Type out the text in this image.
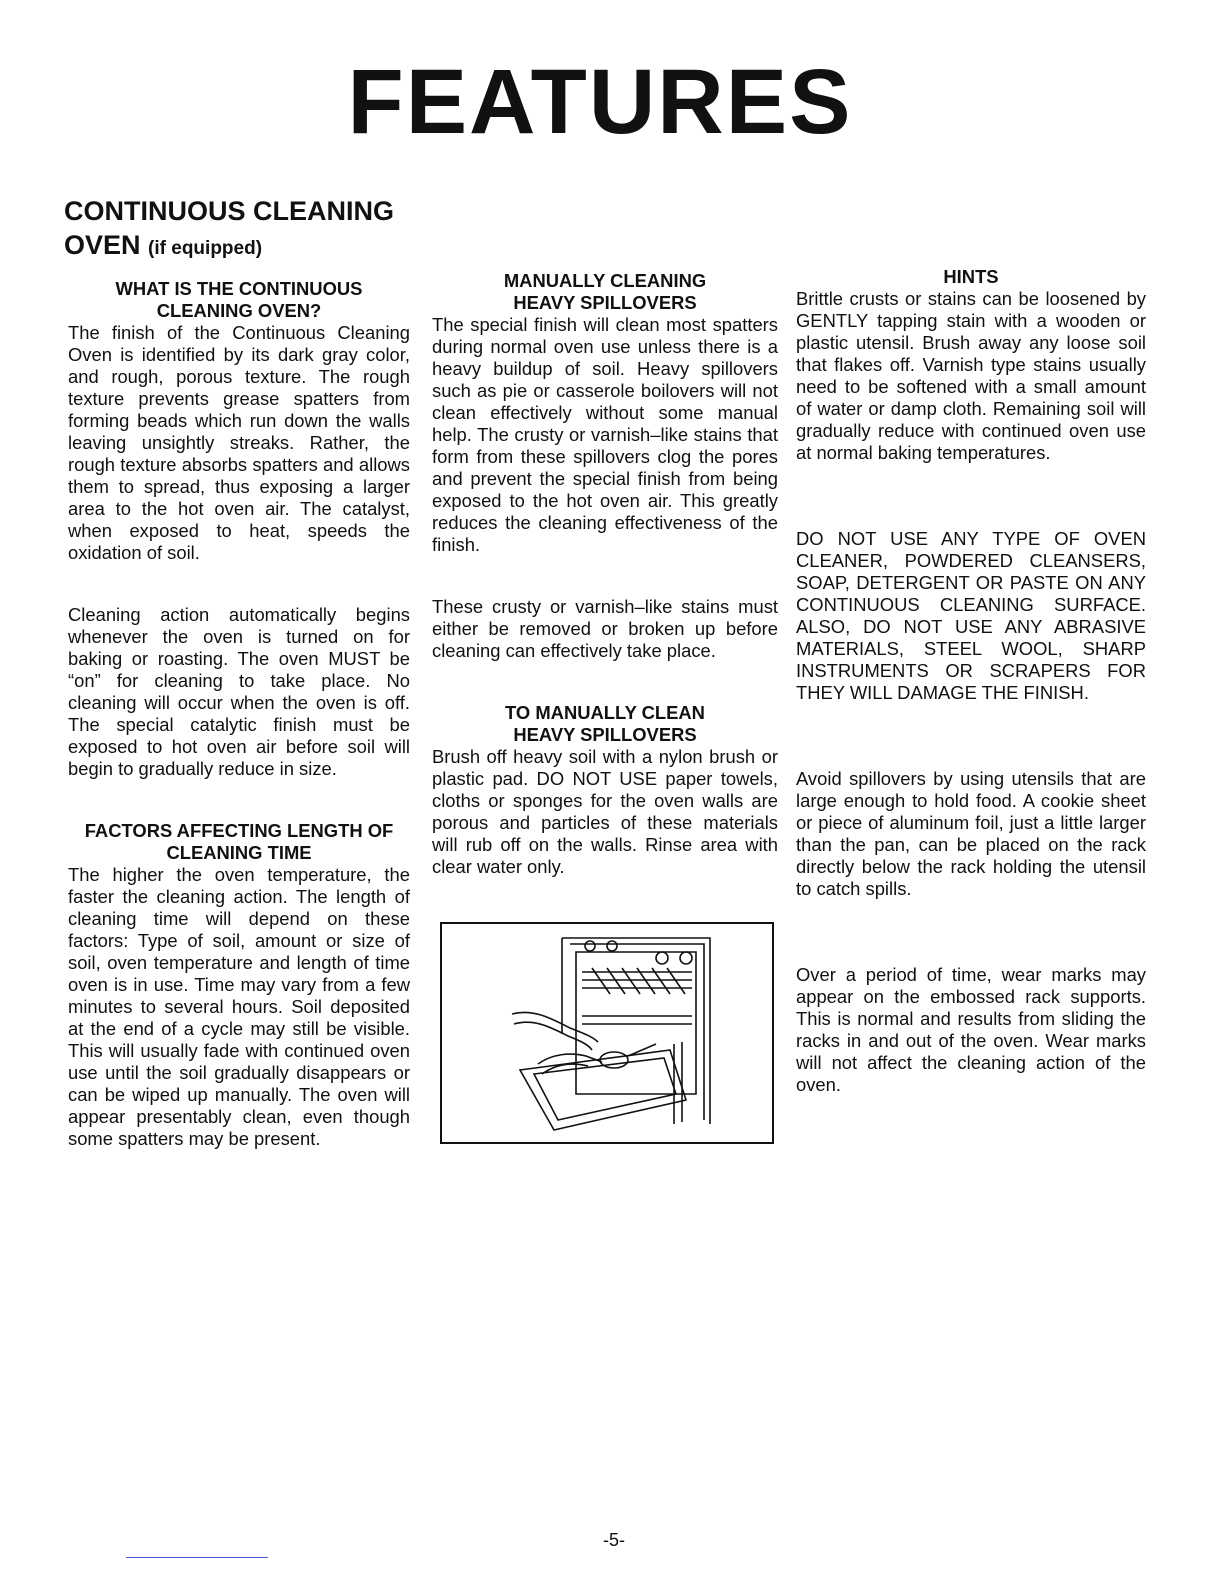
FEATURES
CONTINUOUS CLEANING
OVEN (if equipped)
WHAT IS THE CONTINUOUS CLEANING OVEN?

The finish of the Continuous Cleaning Oven is identified by its dark gray color, and rough, porous texture. The rough texture prevents grease spatters from forming beads which run down the walls leaving unsightly streaks. Rather, the rough texture absorbs spatters and allows them to spread, thus exposing a larger area to the hot oven air. The catalyst, when exposed to heat, speeds the oxidation of soil.

Cleaning action automatically begins whenever the oven is turned on for baking or roasting. The oven MUST be “on” for cleaning to take place. No cleaning will occur when the oven is off. The special catalytic finish must be exposed to hot oven air before soil will begin to gradually reduce in size.

FACTORS AFFECTING LENGTH OF CLEANING TIME

The higher the oven temperature, the faster the cleaning action. The length of cleaning time will depend on these factors: Type of soil, amount or size of soil, oven temperature and length of time oven is in use. Time may vary from a few minutes to several hours. Soil deposited at the end of a cycle may still be visible. This will usually fade with continued oven use until the soil gradually disappears or can be wiped up manually. The oven will appear presentably clean, even though some spatters may be present.

MANUALLY CLEANING HEAVY SPILLOVERS

The special finish will clean most spatters during normal oven use unless there is a heavy buildup of soil. Heavy spillovers such as pie or casserole boilovers will not clean effectively without some manual help. The crusty or varnish–like stains that form from these spillovers clog the pores and prevent the special finish from being exposed to the hot oven air. This greatly reduces the cleaning effectiveness of the finish.

These crusty or varnish–like stains must either be removed or broken up before cleaning can effectively take place.

TO MANUALLY CLEAN HEAVY SPILLOVERS

Brush off heavy soil with a nylon brush or plastic pad. DO NOT USE paper towels, cloths or sponges for the oven walls are porous and particles of these materials will rub off on the walls. Rinse area with clear water only.

HINTS

Brittle crusts or stains can be loosened by GENTLY tapping stain with a wooden or plastic utensil. Brush away any loose soil that flakes off. Varnish type stains usually need to be softened with a small amount of water or damp cloth. Remaining soil will gradually reduce with continued oven use at normal baking temperatures.

DO NOT USE ANY TYPE OF OVEN CLEANER, POWDERED CLEANSERS, SOAP, DETERGENT OR PASTE ON ANY CONTINUOUS CLEANING SURFACE. ALSO, DO NOT USE ANY ABRASIVE MATERIALS, STEEL WOOL, SHARP INSTRUMENTS OR SCRAPERS FOR THEY WILL DAMAGE THE FINISH.

Avoid spillovers by using utensils that are large enough to hold food. A cookie sheet or piece of aluminum foil, just a little larger than the pan, can be placed on the rack directly below the rack holding the utensil to catch spills.

Over a period of time, wear marks may appear on the embossed rack supports. This is normal and results from sliding the racks in and out of the oven. Wear marks will not affect the cleaning action of the oven.

-5-
